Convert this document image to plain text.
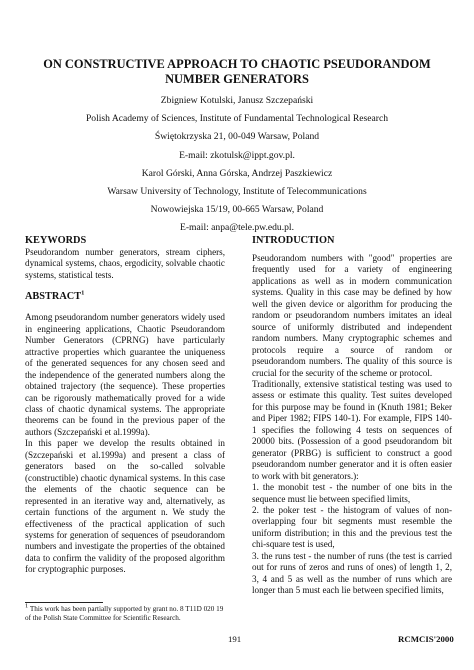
ON CONSTRUCTIVE APPROACH TO CHAOTIC PSEUDORANDOM NUMBER GENERATORS
Zbigniew Kotulski, Janusz Szczepański
Polish Academy of Sciences, Institute of Fundamental Technological Research
Świętokrzyska 21, 00-049 Warsaw, Poland
E-mail: zkotulsk@ippt.gov.pl.
Karol Górski, Anna Górska, Andrzej Paszkiewicz
Warsaw University of Technology, Institute of Telecommunications
Nowowiejska 15/19, 00-665 Warsaw, Poland
E-mail: anpa@tele.pw.edu.pl.
KEYWORDS

Pseudorandom number generators, stream ciphers, dynamical systems, chaos, ergodicity, solvable chaotic systems, statistical tests.

ABSTRACT$^1$

Among pseudorandom number generators widely used in engineering applications, Chaotic Pseudorandom Number Generators (CPRNG) have particularly attractive properties which guarantee the uniqueness of the generated sequences for any chosen seed and the independence of the generated numbers along the obtained trajectory (the sequence). These properties can be rigorously mathematically proved for a wide class of chaotic dynamical systems. The appropriate theorems can be found in the previous paper of the authors (Szczepański et al.1999a).

In this paper we develop the results obtained in (Szczepański et al.1999a) and present a class of generators based on the so-called solvable (constructible) chaotic dynamical systems. In this case the elements of the chaotic sequence can be represented in an iterative way and, alternatively, as certain functions of the argument n. We study the effectiveness of the practical application of such systems for generation of sequences of pseudorandom numbers and investigate the properties of the obtained data to confirm the validity of the proposed algorithm for cryptographic purposes.

INTRODUCTION

Pseudorandom numbers with "good" properties are frequently used for a variety of engineering applications as well as in modern communication systems. Quality in this case may be defined by how well the given device or algorithm for producing the random or pseudorandom numbers imitates an ideal source of uniformly distributed and independent random numbers. Many cryptographic schemes and protocols require a source of random or pseudorandom numbers. The quality of this source is crucial for the security of the scheme or protocol.

Traditionally, extensive statistical testing was used to assess or estimate this quality. Test suites developed for this purpose may be found in (Knuth 1981; Beker and Piper 1982; FIPS 140-1). For example, FIPS 140-1 specifies the following 4 tests on sequences of 20000 bits. (Possession of a good pseudorandom bit generator (PRBG) is sufficient to construct a good pseudorandom number generator and it is often easier to work with bit generators.):

1. the monobit test - the number of one bits in the sequence must lie between specified limits,

2. the poker test - the histogram of values of non-overlapping four bit segments must resemble the uniform distribution; in this and the previous test the chi-square test is used,

3. the runs test - the number of runs (the test is carried out for runs of zeros and runs of ones) of length 1, 2, 3, 4 and 5 as well as the number of runs which are longer than 5 must each lie between specified limits,

$^1$ This work has been partially supported by grant no. 8 T11D 020 19 of the Polish State Committee for Scientific Research.
191	RCMCIS'2000
